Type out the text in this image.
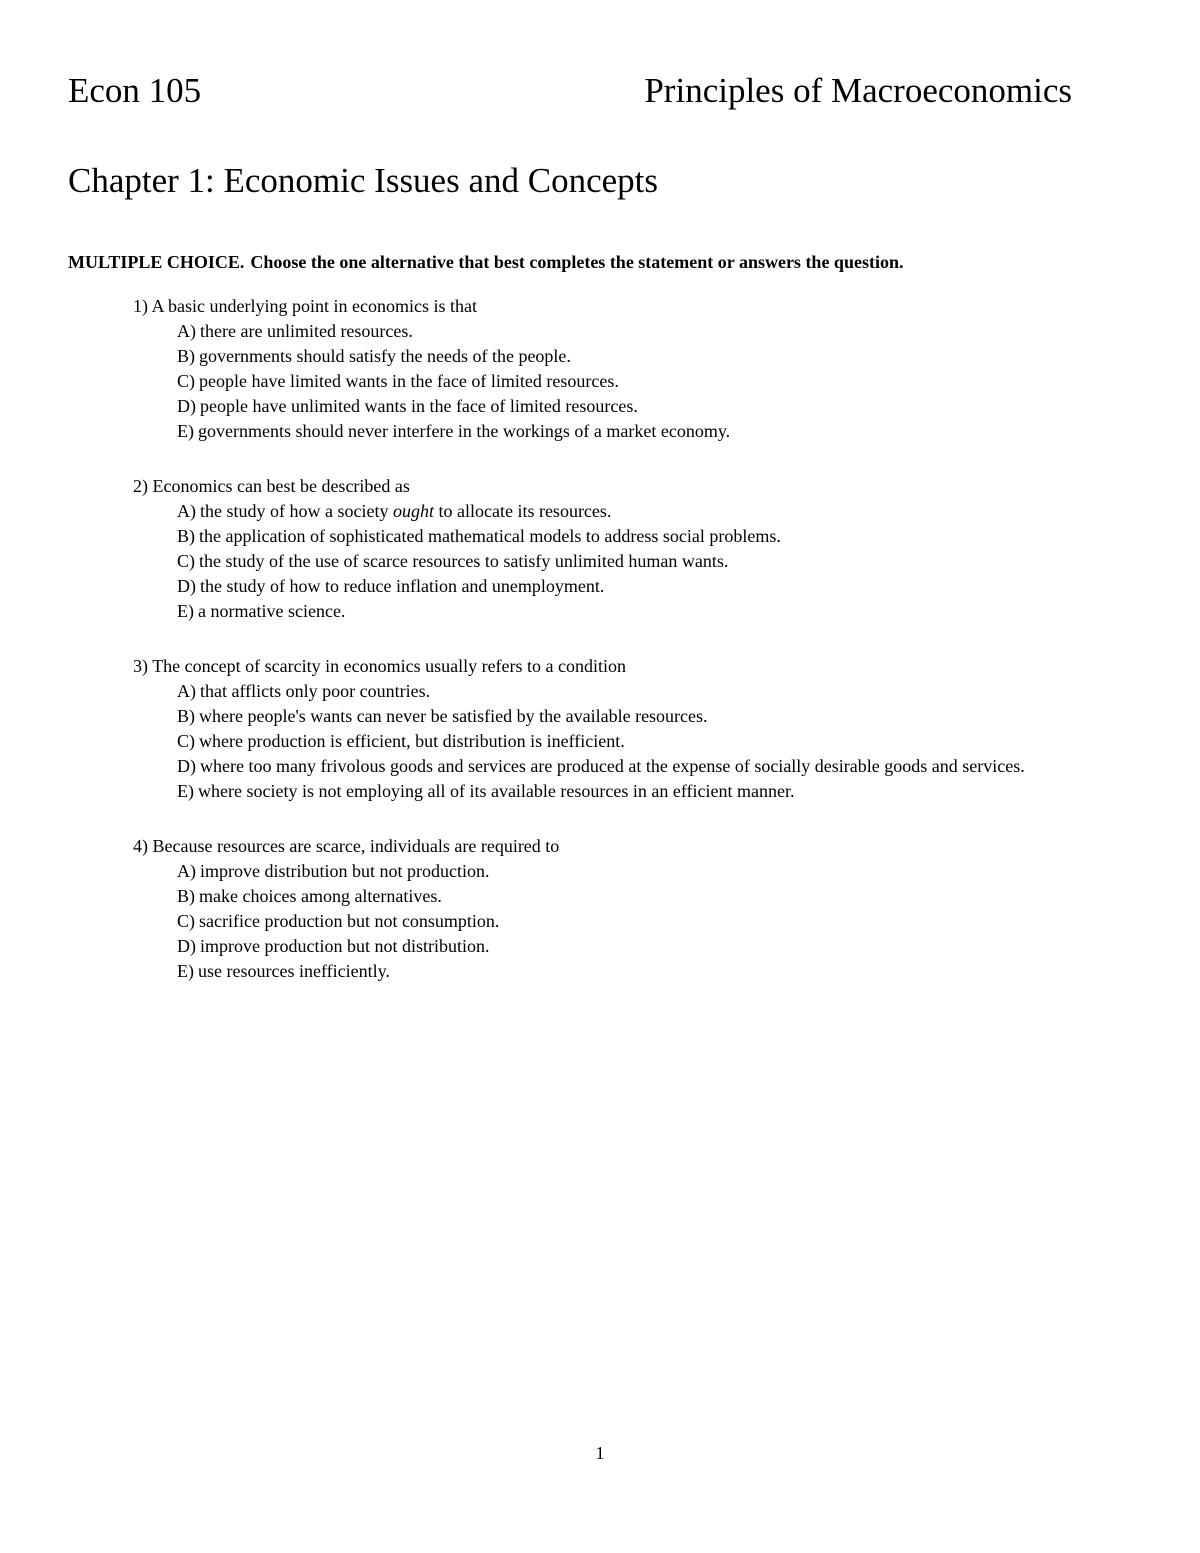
Econ 105	Principles of Macroeconomics
Chapter 1: Economic Issues and Concepts

MULTIPLE CHOICE. Choose the one alternative that best completes the statement or answers the question.

1) A basic underlying point in economics is that
A) there are unlimited resources.
B) governments should satisfy the needs of the people.
C) people have limited wants in the face of limited resources.
D) people have unlimited wants in the face of limited resources.
E) governments should never interfere in the workings of a market economy.
2) Economics can best be described as
A) the study of how a society ought to allocate its resources.
B) the application of sophisticated mathematical models to address social problems.
C) the study of the use of scarce resources to satisfy unlimited human wants.
D) the study of how to reduce inflation and unemployment.
E) a normative science.
3) The concept of scarcity in economics usually refers to a condition
A) that afflicts only poor countries.
B) where people's wants can never be satisfied by the available resources.
C) where production is efficient, but distribution is inefficient.
D) where too many frivolous goods and services are produced at the expense of socially desirable goods and services.
E) where society is not employing all of its available resources in an efficient manner.
4) Because resources are scarce, individuals are required to
A) improve distribution but not production.
B) make choices among alternatives.
C) sacrifice production but not consumption.
D) improve production but not distribution.
E) use resources inefficiently.
1
